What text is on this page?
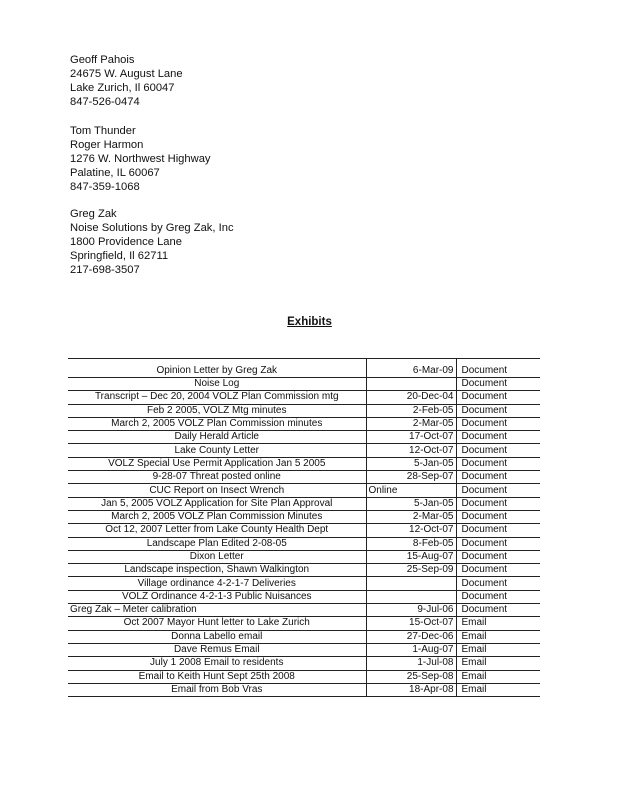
Geoff Pahois
24675 W. August Lane
Lake Zurich, Il 60047
847-526-0474
Tom Thunder
Roger Harmon
1276 W. Northwest Highway
Palatine, IL 60067
847-359-1068
Greg Zak
Noise Solutions by Greg Zak, Inc
1800 Providence Lane
Springfield, Il 62711
217-698-3507
Exhibits
Opinion Letter by Greg Zak	6-Mar-09	Document
Noise Log		Document
Transcript – Dec 20, 2004 VOLZ Plan Commission mtg	20-Dec-04	Document
Feb 2 2005, VOLZ Mtg minutes	2-Feb-05	Document
March 2, 2005 VOLZ Plan Commission minutes	2-Mar-05	Document
Daily Herald Article	17-Oct-07	Document
Lake County Letter	12-Oct-07	Document
VOLZ Special Use Permit Application Jan 5 2005	5-Jan-05	Document
9-28-07 Threat posted online	28-Sep-07	Document
CUC Report on Insect Wrench	Online	Document
Jan 5, 2005 VOLZ Application for Site Plan Approval	5-Jan-05	Document
March 2, 2005 VOLZ Plan Commission Minutes	2-Mar-05	Document
Oct 12, 2007 Letter from Lake County Health Dept	12-Oct-07	Document
Landscape Plan Edited 2-08-05	8-Feb-05	Document
Dixon Letter	15-Aug-07	Document
Landscape inspection, Shawn Walkington	25-Sep-09	Document
Village ordinance 4-2-1-7 Deliveries		Document
VOLZ Ordinance 4-2-1-3 Public Nuisances		Document
Greg Zak – Meter calibration	9-Jul-06	Document
Oct 2007 Mayor Hunt letter to Lake Zurich	15-Oct-07	Email
Donna Labello email	27-Dec-06	Email
Dave Remus Email	1-Aug-07	Email
July 1 2008 Email to residents	1-Jul-08	Email
Email to Keith Hunt Sept 25th 2008	25-Sep-08	Email
Email from Bob Vras	18-Apr-08	Email
